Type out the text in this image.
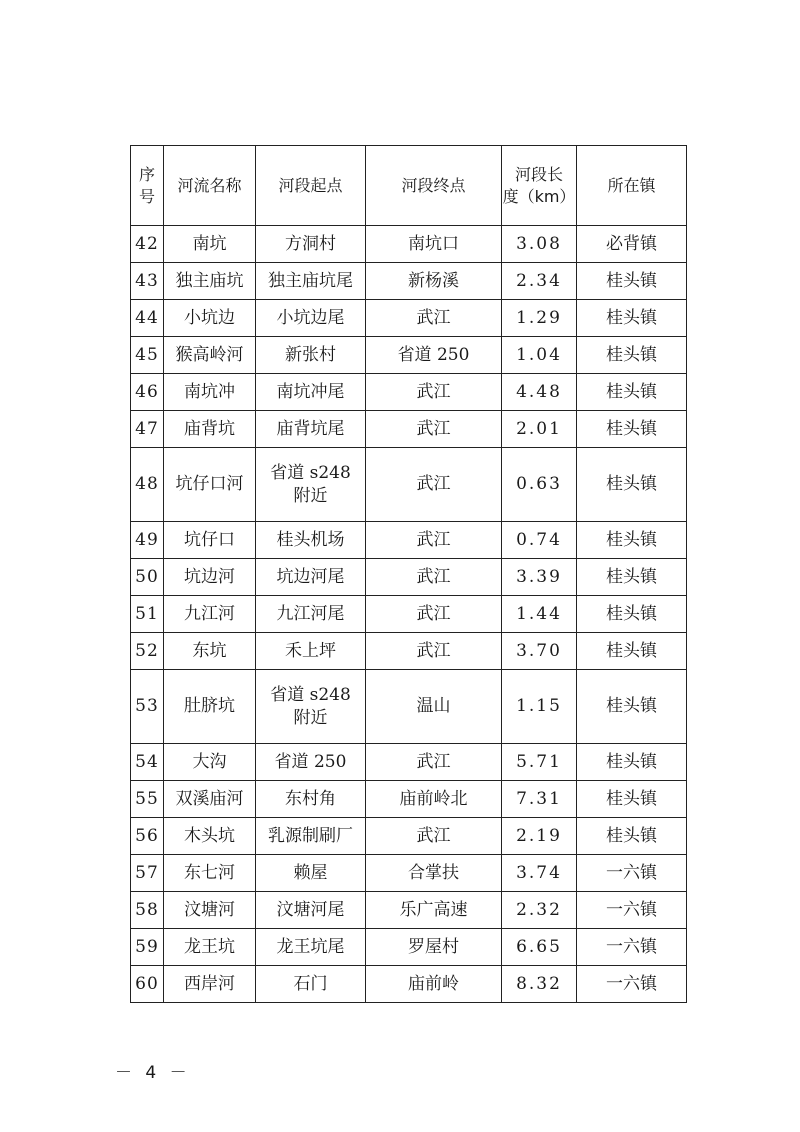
序
号	河流名称	河段起点	河段终点	河段长
度（km）	所在镇
42	南坑	方洞村	南坑口	3.08	必背镇
43	独主庙坑	独主庙坑尾	新杨溪	2.34	桂头镇
44	小坑边	小坑边尾	武江	1.29	桂头镇
45	猴高岭河	新张村	省道 250	1.04	桂头镇
46	南坑冲	南坑冲尾	武江	4.48	桂头镇
47	庙背坑	庙背坑尾	武江	2.01	桂头镇
48	坑仔口河	省道 s248
附近	武江	0.63	桂头镇
49	坑仔口	桂头机场	武江	0.74	桂头镇
50	坑边河	坑边河尾	武江	3.39	桂头镇
51	九江河	九江河尾	武江	1.44	桂头镇
52	东坑	禾上坪	武江	3.70	桂头镇
53	肚脐坑	省道 s248
附近	温山	1.15	桂头镇
54	大沟	省道 250	武江	5.71	桂头镇
55	双溪庙河	东村角	庙前岭北	7.31	桂头镇
56	木头坑	乳源制刷厂	武江	2.19	桂头镇
57	东七河	赖屋	合掌扶	3.74	一六镇
58	汶塘河	汶塘河尾	乐广高速	2.32	一六镇
59	龙王坑	龙王坑尾	罗屋村	6.65	一六镇
60	西岸河	石门	庙前岭	8.32	一六镇
－ 4 －
